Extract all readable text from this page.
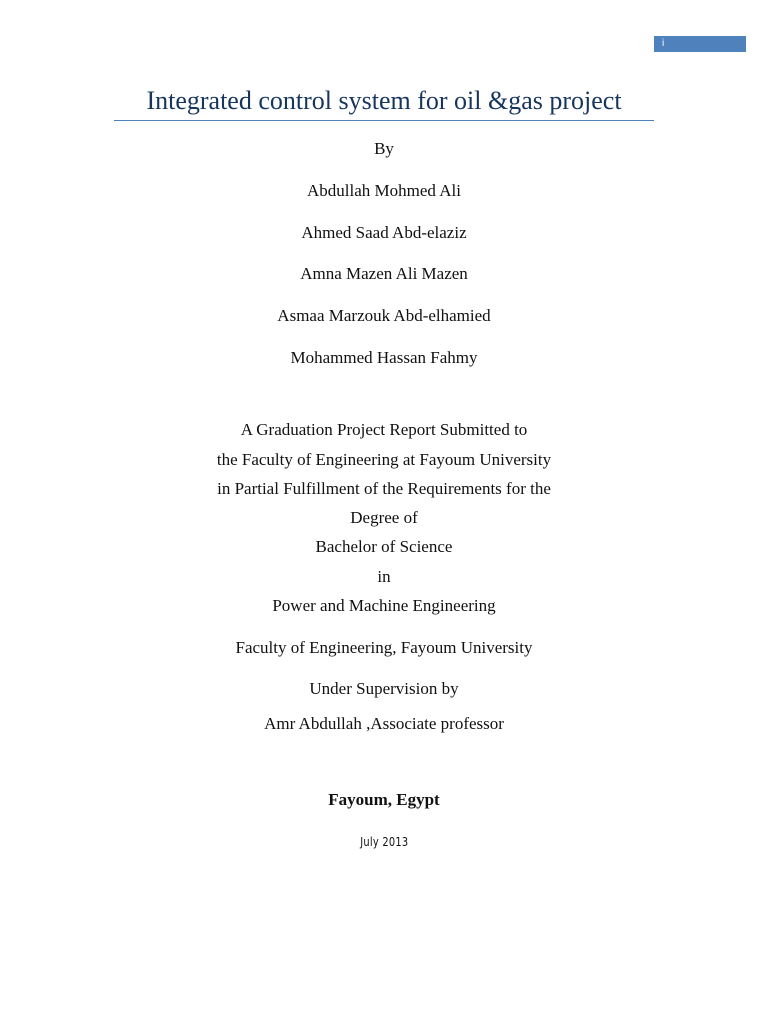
i
Integrated control system for oil &gas project
By
Abdullah Mohmed Ali
Ahmed Saad Abd-elaziz
Amna Mazen Ali Mazen
Asmaa Marzouk Abd-elhamied
Mohammed Hassan Fahmy
A Graduation Project Report Submitted to
the Faculty of Engineering at Fayoum University
in Partial Fulfillment of the Requirements for the
Degree of
Bachelor of Science
in
Power and Machine Engineering
Faculty of Engineering, Fayoum University
Under Supervision by
Amr Abdullah ,Associate professor
Fayoum, Egypt
July 2013
